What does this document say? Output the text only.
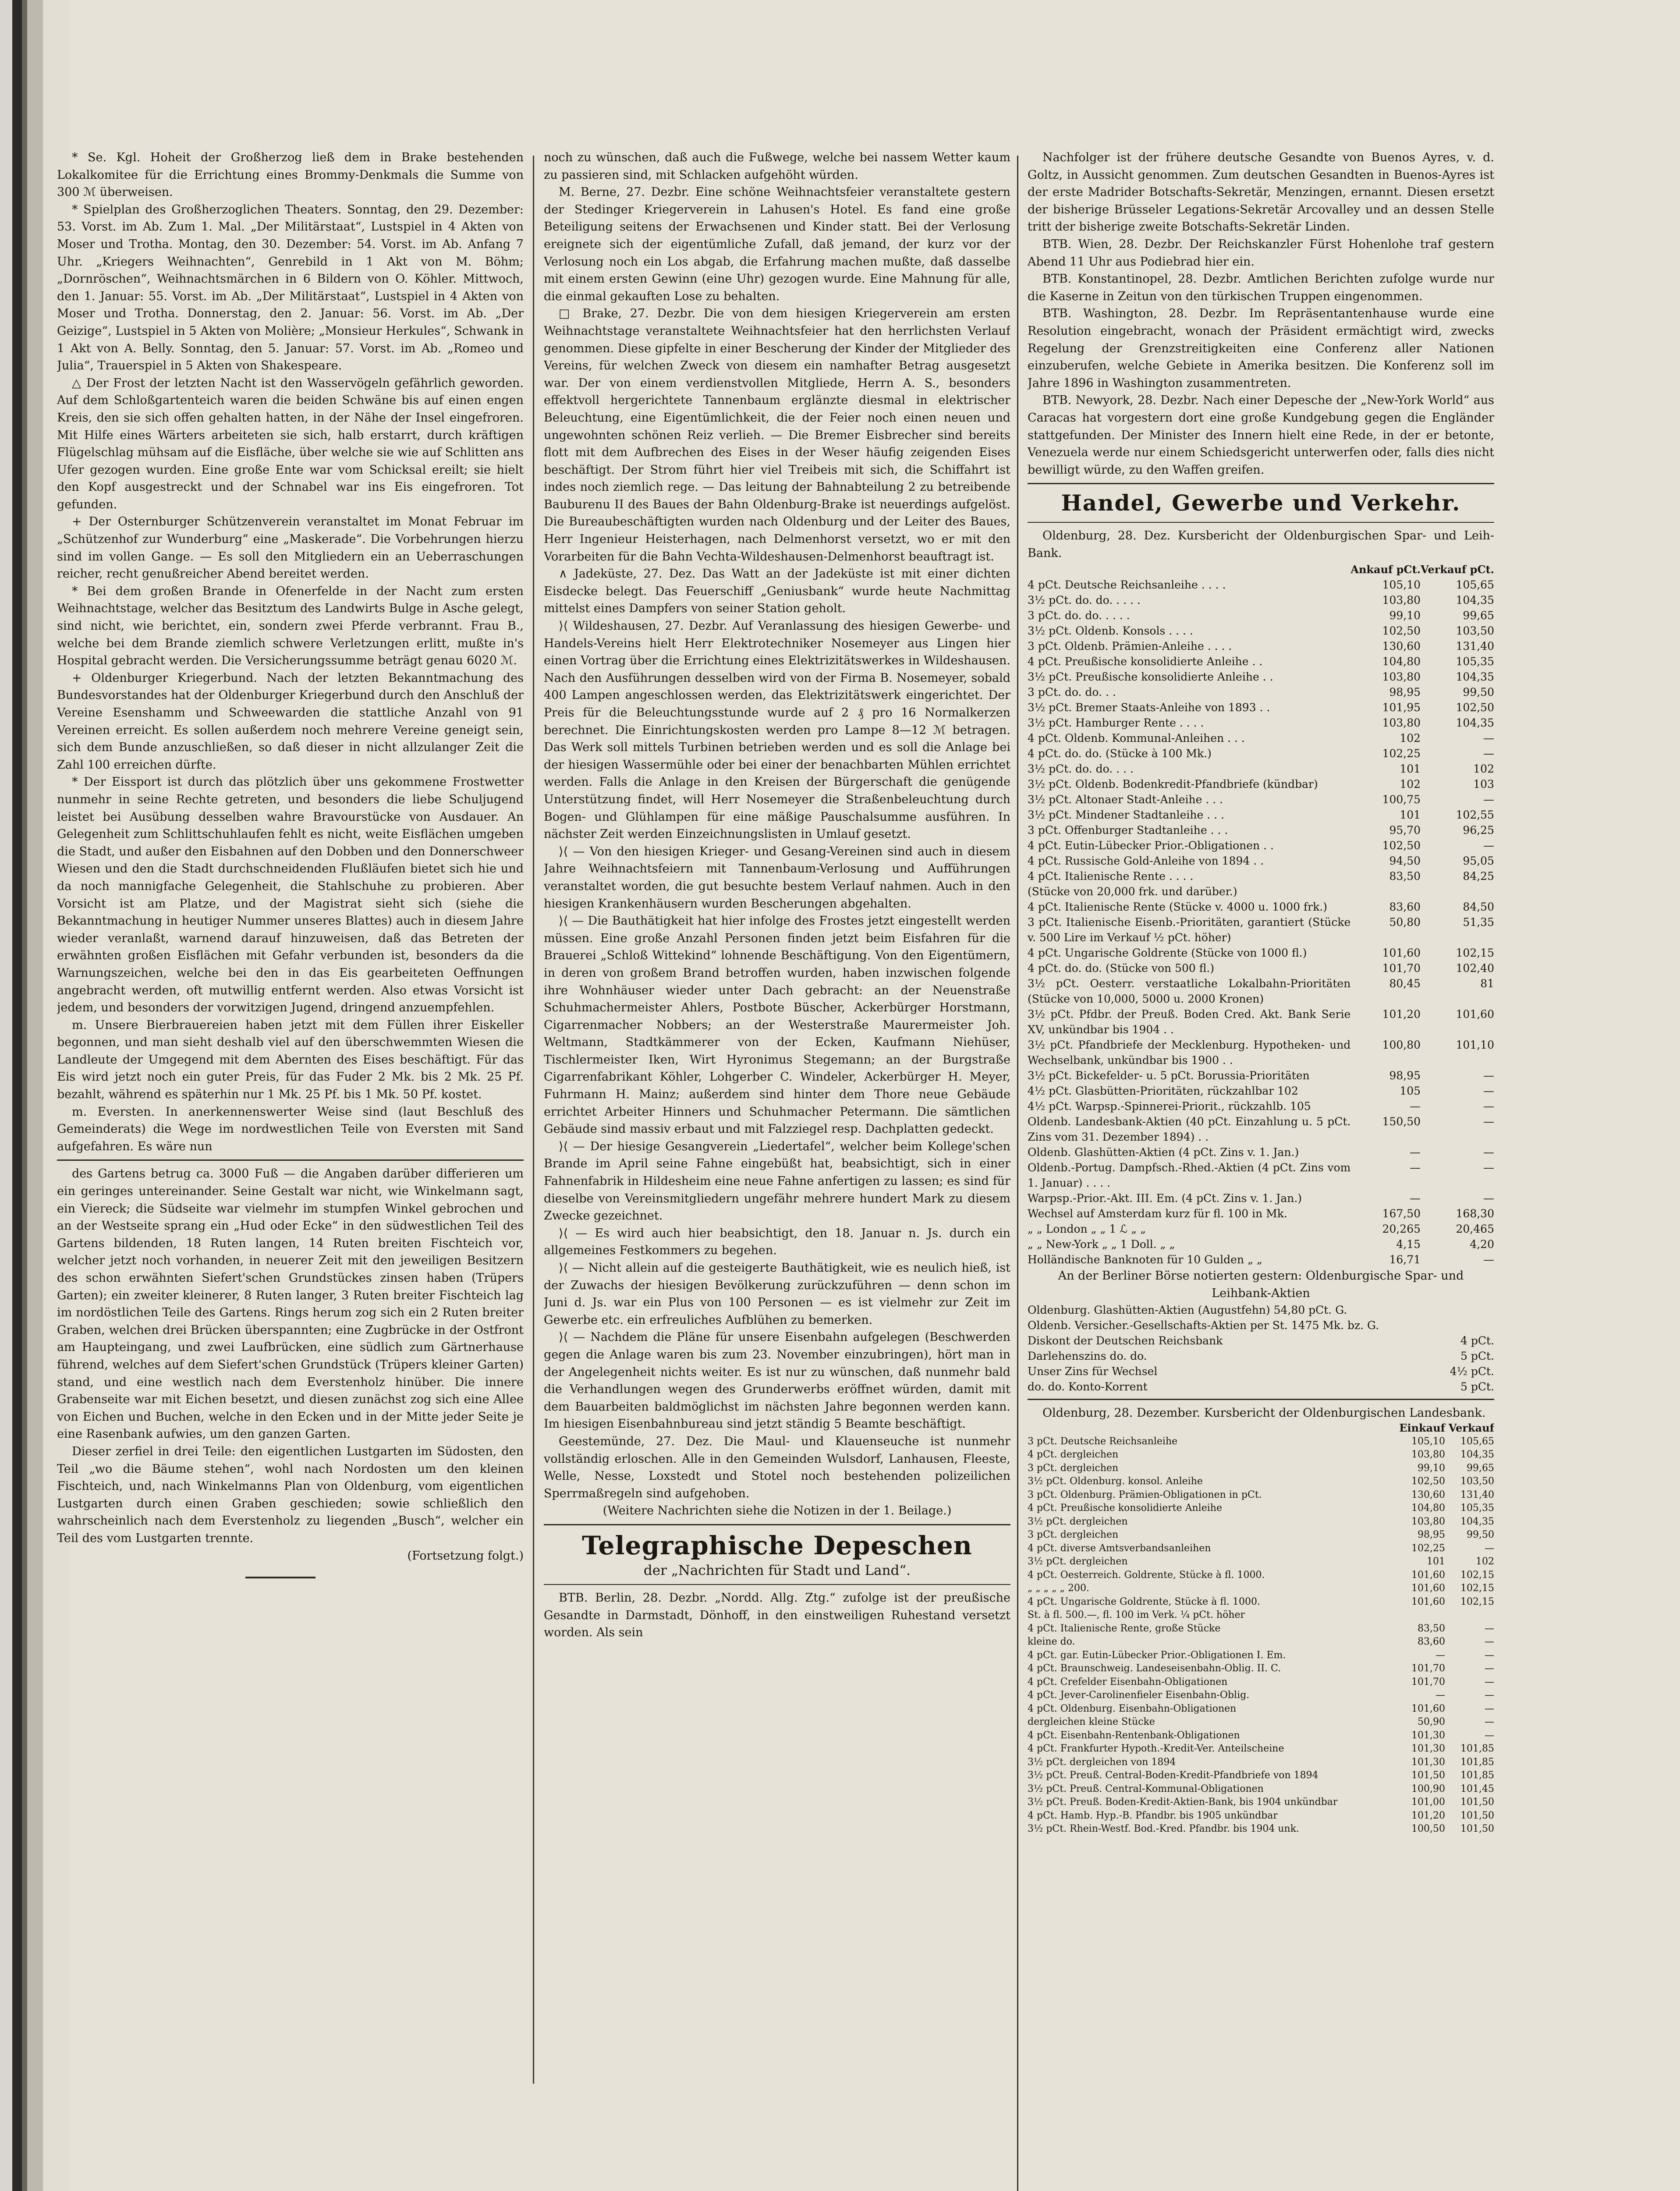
* Se. Kgl. Hoheit der Großherzog ließ dem in Brake bestehenden Lokalkomitee für die Errichtung eines Brommy-Denkmals die Summe von 300 ℳ überweisen.

* Spielplan des Großherzoglichen Theaters. Sonntag, den 29. Dezember: 53. Vorst. im Ab. Zum 1. Mal. „Der Militärstaat“, Lustspiel in 4 Akten von Moser und Trotha. Montag, den 30. Dezember: 54. Vorst. im Ab. Anfang 7 Uhr. „Kriegers Weihnachten“, Genrebild in 1 Akt von M. Böhm; „Dornröschen“, Weihnachtsmärchen in 6 Bildern von O. Köhler. Mittwoch, den 1. Januar: 55. Vorst. im Ab. „Der Militärstaat“, Lustspiel in 4 Akten von Moser und Trotha. Donnerstag, den 2. Januar: 56. Vorst. im Ab. „Der Geizige“, Lustspiel in 5 Akten von Molière; „Monsieur Herkules“, Schwank in 1 Akt von A. Belly. Sonntag, den 5. Januar: 57. Vorst. im Ab. „Romeo und Julia“, Trauerspiel in 5 Akten von Shakespeare.

△ Der Frost der letzten Nacht ist den Wasservögeln gefährlich geworden. Auf dem Schloßgartenteich waren die beiden Schwäne bis auf einen engen Kreis, den sie sich offen gehalten hatten, in der Nähe der Insel eingefroren. Mit Hilfe eines Wärters arbeiteten sie sich, halb erstarrt, durch kräftigen Flügelschlag mühsam auf die Eisfläche, über welche sie wie auf Schlitten ans Ufer gezogen wurden. Eine große Ente war vom Schicksal ereilt; sie hielt den Kopf ausgestreckt und der Schnabel war ins Eis eingefroren. Tot gefunden.

+ Der Osternburger Schützenverein veranstaltet im Monat Februar im „Schützenhof zur Wunderburg“ eine „Maskerade“. Die Vorbehrungen hierzu sind im vollen Gange. — Es soll den Mitgliedern ein an Ueberraschungen reicher, recht genußreicher Abend bereitet werden.

* Bei dem großen Brande in Ofenerfelde in der Nacht zum ersten Weihnachtstage, welcher das Besitztum des Landwirts Bulge in Asche gelegt, sind nicht, wie berichtet, ein, sondern zwei Pferde verbrannt. Frau B., welche bei dem Brande ziemlich schwere Verletzungen erlitt, mußte in's Hospital gebracht werden. Die Versicherungssumme beträgt genau 6020 ℳ.

+ Oldenburger Kriegerbund. Nach der letzten Bekanntmachung des Bundesvorstandes hat der Oldenburger Kriegerbund durch den Anschluß der Vereine Esenshamm und Schweewarden die stattliche Anzahl von 91 Vereinen erreicht. Es sollen außerdem noch mehrere Vereine geneigt sein, sich dem Bunde anzuschließen, so daß dieser in nicht allzulanger Zeit die Zahl 100 erreichen dürfte.

* Der Eissport ist durch das plötzlich über uns gekommene Frostwetter nunmehr in seine Rechte getreten, und besonders die liebe Schuljugend leistet bei Ausübung desselben wahre Bravourstücke von Ausdauer. An Gelegenheit zum Schlittschuhlaufen fehlt es nicht, weite Eisflächen umgeben die Stadt, und außer den Eisbahnen auf den Dobben und den Donnerschweer Wiesen und den die Stadt durchschneidenden Flußläufen bietet sich hie und da noch mannigfache Gelegenheit, die Stahlschuhe zu probieren. Aber Vorsicht ist am Platze, und der Magistrat sieht sich (siehe die Bekanntmachung in heutiger Nummer unseres Blattes) auch in diesem Jahre wieder veranlaßt, warnend darauf hinzuweisen, daß das Betreten der erwähnten großen Eisflächen mit Gefahr verbunden ist, besonders da die Warnungszeichen, welche bei den in das Eis gearbeiteten Oeffnungen angebracht werden, oft mutwillig entfernt werden. Also etwas Vorsicht ist jedem, und besonders der vorwitzigen Jugend, dringend anzuempfehlen.

m. Unsere Bierbrauereien haben jetzt mit dem Füllen ihrer Eiskeller begonnen, und man sieht deshalb viel auf den überschwemmten Wiesen die Landleute der Umgegend mit dem Abernten des Eises beschäftigt. Für das Eis wird jetzt noch ein guter Preis, für das Fuder 2 Mk. bis 2 Mk. 25 Pf. bezahlt, während es späterhin nur 1 Mk. 25 Pf. bis 1 Mk. 50 Pf. kostet.

m. Eversten. In anerkennenswerter Weise sind (laut Beschluß des Gemeinderats) die Wege im nordwestlichen Teile von Eversten mit Sand aufgefahren. Es wäre nun

des Gartens betrug ca. 3000 Fuß — die Angaben darüber differieren um ein geringes untereinander. Seine Gestalt war nicht, wie Winkelmann sagt, ein Viereck; die Südseite war vielmehr im stumpfen Winkel gebrochen und an der Westseite sprang ein „Hud oder Ecke“ in den südwestlichen Teil des Gartens bildenden, 18 Ruten langen, 14 Ruten breiten Fischteich vor, welcher jetzt noch vorhanden, in neuerer Zeit mit den jeweiligen Besitzern des schon erwähnten Siefert'schen Grundstückes zinsen haben (Trüpers Garten); ein zweiter kleinerer, 8 Ruten langer, 3 Ruten breiter Fischteich lag im nordöstlichen Teile des Gartens. Rings herum zog sich ein 2 Ruten breiter Graben, welchen drei Brücken überspannten; eine Zugbrücke in der Ostfront am Haupteingang, und zwei Laufbrücken, eine südlich zum Gärtnerhause führend, welches auf dem Siefert'schen Grundstück (Trüpers kleiner Garten) stand, und eine westlich nach dem Everstenholz hinüber. Die innere Grabenseite war mit Eichen besetzt, und diesen zunächst zog sich eine Allee von Eichen und Buchen, welche in den Ecken und in der Mitte jeder Seite je eine Rasenbank aufwies, um den ganzen Garten.

Dieser zerfiel in drei Teile: den eigentlichen Lustgarten im Südosten, den Teil „wo die Bäume stehen“, wohl nach Nordosten um den kleinen Fischteich, und, nach Winkelmanns Plan von Oldenburg, vom eigentlichen Lustgarten durch einen Graben geschieden; sowie schließlich den wahrscheinlich nach dem Everstenholz zu liegenden „Busch“, welcher ein Teil des vom Lustgarten trennte.

(Fortsetzung folgt.)

noch zu wünschen, daß auch die Fußwege, welche bei nassem Wetter kaum zu passieren sind, mit Schlacken aufgehöht würden.

M. Berne, 27. Dezbr. Eine schöne Weihnachtsfeier veranstaltete gestern der Stedinger Kriegerverein in Lahusen's Hotel. Es fand eine große Beteiligung seitens der Erwachsenen und Kinder statt. Bei der Verlosung ereignete sich der eigentümliche Zufall, daß jemand, der kurz vor der Verlosung noch ein Los abgab, die Erfahrung machen mußte, daß dasselbe mit einem ersten Gewinn (eine Uhr) gezogen wurde. Eine Mahnung für alle, die einmal gekauften Lose zu behalten.

□ Brake, 27. Dezbr. Die von dem hiesigen Kriegerverein am ersten Weihnachtstage veranstaltete Weihnachtsfeier hat den herrlichsten Verlauf genommen. Diese gipfelte in einer Bescherung der Kinder der Mitglieder des Vereins, für welchen Zweck von diesem ein namhafter Betrag ausgesetzt war. Der von einem verdienstvollen Mitgliede, Herrn A. S., besonders effektvoll hergerichtete Tannenbaum erglänzte diesmal in elektrischer Beleuchtung, eine Eigentümlichkeit, die der Feier noch einen neuen und ungewohnten schönen Reiz verlieh. — Die Bremer Eisbrecher sind bereits flott mit dem Aufbrechen des Eises in der Weser häufig zeigenden Eises beschäftigt. Der Strom führt hier viel Treibeis mit sich, die Schiffahrt ist indes noch ziemlich rege. — Das leitung der Bahnabteilung 2 zu betreibende Bauburenu II des Baues der Bahn Oldenburg-Brake ist neuerdings aufgelöst. Die Bureaubeschäftigten wurden nach Oldenburg und der Leiter des Baues, Herr Ingenieur Heisterhagen, nach Delmenhorst versetzt, wo er mit den Vorarbeiten für die Bahn Vechta-Wildeshausen-Delmenhorst beauftragt ist.

∧ Jadeküste, 27. Dez. Das Watt an der Jadeküste ist mit einer dichten Eisdecke belegt. Das Feuerschiff „Geniusbank“ wurde heute Nachmittag mittelst eines Dampfers von seiner Station geholt.

⟩⟨ Wildeshausen, 27. Dezbr. Auf Veranlassung des hiesigen Gewerbe- und Handels-Vereins hielt Herr Elektrotechniker Nosemeyer aus Lingen hier einen Vortrag über die Errichtung eines Elektrizitätswerkes in Wildeshausen. Nach den Ausführungen desselben wird von der Firma B. Nosemeyer, sobald 400 Lampen angeschlossen werden, das Elektrizitätswerk eingerichtet. Der Preis für die Beleuchtungsstunde wurde auf 2 ₰ pro 16 Normalkerzen berechnet. Die Einrichtungskosten werden pro Lampe 8—12 ℳ betragen. Das Werk soll mittels Turbinen betrieben werden und es soll die Anlage bei der hiesigen Wassermühle oder bei einer der benachbarten Mühlen errichtet werden. Falls die Anlage in den Kreisen der Bürgerschaft die genügende Unterstützung findet, will Herr Nosemeyer die Straßenbeleuchtung durch Bogen- und Glühlampen für eine mäßige Pauschalsumme ausführen. In nächster Zeit werden Einzeichnungslisten in Umlauf gesetzt.

⟩⟨ — Von den hiesigen Krieger- und Gesang-Vereinen sind auch in diesem Jahre Weihnachtsfeiern mit Tannenbaum-Verlosung und Aufführungen veranstaltet worden, die gut besuchte bestem Verlauf nahmen. Auch in den hiesigen Krankenhäusern wurden Bescherungen abgehalten.

⟩⟨ — Die Bauthätigkeit hat hier infolge des Frostes jetzt eingestellt werden müssen. Eine große Anzahl Personen finden jetzt beim Eisfahren für die Brauerei „Schloß Wittekind“ lohnende Beschäftigung. Von den Eigentümern, in deren von großem Brand betroffen wurden, haben inzwischen folgende ihre Wohnhäuser wieder unter Dach gebracht: an der Neuenstraße Schuhmachermeister Ahlers, Postbote Büscher, Ackerbürger Horstmann, Cigarrenmacher Nobbers; an der Westerstraße Maurermeister Joh. Weltmann, Stadtkämmerer von der Ecken, Kaufmann Niehüser, Tischlermeister Iken, Wirt Hyronimus Stegemann; an der Burgstraße Cigarrenfabrikant Köhler, Lohgerber C. Windeler, Ackerbürger H. Meyer, Fuhrmann H. Mainz; außerdem sind hinter dem Thore neue Gebäude errichtet Arbeiter Hinners und Schuhmacher Petermann. Die sämtlichen Gebäude sind massiv erbaut und mit Falzziegel resp. Dachplatten gedeckt.

⟩⟨ — Der hiesige Gesangverein „Liedertafel“, welcher beim Kollege'schen Brande im April seine Fahne eingebüßt hat, beabsichtigt, sich in einer Fahnenfabrik in Hildesheim eine neue Fahne anfertigen zu lassen; es sind für dieselbe von Vereinsmitgliedern ungefähr mehrere hundert Mark zu diesem Zwecke gezeichnet.

⟩⟨ — Es wird auch hier beabsichtigt, den 18. Januar n. Js. durch ein allgemeines Festkommers zu begehen.

⟩⟨ — Nicht allein auf die gesteigerte Bauthätigkeit, wie es neulich hieß, ist der Zuwachs der hiesigen Bevölkerung zurückzuführen — denn schon im Juni d. Js. war ein Plus von 100 Personen — es ist vielmehr zur Zeit im Gewerbe etc. ein erfreuliches Aufblühen zu bemerken.

⟩⟨ — Nachdem die Pläne für unsere Eisenbahn aufgelegen (Beschwerden gegen die Anlage waren bis zum 23. November einzubringen), hört man in der Angelegenheit nichts weiter. Es ist nur zu wünschen, daß nunmehr bald die Verhandlungen wegen des Grunderwerbs eröffnet würden, damit mit dem Bauarbeiten baldmöglichst im nächsten Jahre begonnen werden kann. Im hiesigen Eisenbahnbureau sind jetzt ständig 5 Beamte beschäftigt.

Geestemünde, 27. Dez. Die Maul- und Klauenseuche ist nunmehr vollständig erloschen. Alle in den Gemeinden Wulsdorf, Lanhausen, Fleeste, Welle, Nesse, Loxstedt und Stotel noch bestehenden polizeilichen Sperrmaßregeln sind aufgehoben.

(Weitere Nachrichten siehe die Notizen in der 1. Beilage.)

Telegraphische Depeschen
der „Nachrichten für Stadt und Land“.

BTB. Berlin, 28. Dezbr. „Nordd. Allg. Ztg.“ zufolge ist der preußische Gesandte in Darmstadt, Dönhoff, in den einstweiligen Ruhestand versetzt worden. Als sein

Nachfolger ist der frühere deutsche Gesandte von Buenos Ayres, v. d. Goltz, in Aussicht genommen. Zum deutschen Gesandten in Buenos-Ayres ist der erste Madrider Botschafts-Sekretär, Menzingen, ernannt. Diesen ersetzt der bisherige Brüsseler Legations-Sekretär Arcovalley und an dessen Stelle tritt der bisherige zweite Botschafts-Sekretär Linden.

BTB. Wien, 28. Dezbr. Der Reichskanzler Fürst Hohenlohe traf gestern Abend 11 Uhr aus Podiebrad hier ein.

BTB. Konstantinopel, 28. Dezbr. Amtlichen Berichten zufolge wurde nur die Kaserne in Zeitun von den türkischen Truppen eingenommen.

BTB. Washington, 28. Dezbr. Im Repräsentantenhause wurde eine Resolution eingebracht, wonach der Präsident ermächtigt wird, zwecks Regelung der Grenzstreitigkeiten eine Conferenz aller Nationen einzuberufen, welche Gebiete in Amerika besitzen. Die Konferenz soll im Jahre 1896 in Washington zusammentreten.

BTB. Newyork, 28. Dezbr. Nach einer Depesche der „New-York World“ aus Caracas hat vorgestern dort eine große Kundgebung gegen die Engländer stattgefunden. Der Minister des Innern hielt eine Rede, in der er betonte, Venezuela werde nur einem Schiedsgericht unterwerfen oder, falls dies nicht bewilligt würde, zu den Waffen greifen.

Handel, Gewerbe und Verkehr.

Oldenburg, 28. Dez. Kursbericht der Oldenburgischen Spar- und Leih-Bank.

	Ankauf pCt.	Verkauf pCt.
4 pCt. Deutsche Reichsanleihe . . . .	105,10	105,65
3½ pCt. do. do. . . . .	103,80	104,35
3 pCt. do. do. . . . .	99,10	99,65
3½ pCt. Oldenb. Konsols . . . .	102,50	103,50
3 pCt. Oldenb. Prämien-Anleihe . . . .	130,60	131,40
4 pCt. Preußische konsolidierte Anleihe . .	104,80	105,35
3½ pCt. Preußische konsolidierte Anleihe . .	103,80	104,35
3 pCt. do. do. . .	98,95	99,50
3½ pCt. Bremer Staats-Anleihe von 1893 . .	101,95	102,50
3½ pCt. Hamburger Rente . . . .	103,80	104,35
4 pCt. Oldenb. Kommunal-Anleihen . . .	102	—
4 pCt. do. do. (Stücke à 100 Mk.)	102,25	—
3½ pCt. do. do. . . .	101	102
3½ pCt. Oldenb. Bodenkredit-Pfandbriefe (kündbar)	102	103
3½ pCt. Altonaer Stadt-Anleihe . . .	100,75	—
3½ pCt. Mindener Stadtanleihe . . .	101	102,55
3 pCt. Offenburger Stadtanleihe . . .	95,70	96,25
4 pCt. Eutin-Lübecker Prior.-Obligationen . .	102,50	—
4 pCt. Russische Gold-Anleihe von 1894 . .	94,50	95,05
4 pCt. Italienische Rente . . . .	83,50	84,25
(Stücke von 20,000 frk. und darüber.)		
4 pCt. Italienische Rente (Stücke v. 4000 u. 1000 frk.)	83,60	84,50
3 pCt. Italienische Eisenb.-Prioritäten, garantiert (Stücke v. 500 Lire im Verkauf ½ pCt. höher)	50,80	51,35
4 pCt. Ungarische Goldrente (Stücke von 1000 fl.)	101,60	102,15
4 pCt. do. do. (Stücke von 500 fl.)	101,70	102,40
3½ pCt. Oesterr. verstaatliche Lokalbahn-Prioritäten (Stücke von 10,000, 5000 u. 2000 Kronen)	80,45	81
3½ pCt. Pfdbr. der Preuß. Boden Cred. Akt. Bank Serie XV, unkündbar bis 1904 . .	101,20	101,60
3½ pCt. Pfandbriefe der Mecklenburg. Hypotheken- und Wechselbank, unkündbar bis 1900 . .	100,80	101,10
3½ pCt. Bickefelder- u. 5 pCt. Borussia-Prioritäten	98,95	—
4½ pCt. Glasbütten-Prioritäten, rückzahlbar 102	105	—
4½ pCt. Warpsp.-Spinnerei-Priorit., rückzahlb. 105	—	—
Oldenb. Landesbank-Aktien (40 pCt. Einzahlung u. 5 pCt. Zins vom 31. Dezember 1894) . .	150,50	—
Oldenb. Glashütten-Aktien (4 pCt. Zins v. 1. Jan.)	—	—
Oldenb.-Portug. Dampfsch.-Rhed.-Aktien (4 pCt. Zins vom 1. Januar) . . . .	—	—
Warpsp.-Prior.-Akt. III. Em. (4 pCt. Zins v. 1. Jan.)	—	—
Wechsel auf Amsterdam kurz für fl. 100 in Mk.	167,50	168,30
„ „ London „ „ 1 ℒ „ „	20,265	20,465
„ „ New-York „ „ 1 Doll. „ „	4,15	4,20
Holländische Banknoten für 10 Gulden „ „	16,71	—

An der Berliner Börse notierten gestern: Oldenburgische Spar- und Leihbank-Aktien

Oldenburg. Glashütten-Aktien (Augustfehn) 54,80 pCt. G.	
Oldenb. Versicher.-Gesellschafts-Aktien per St. 1475 Mk. bz. G.	
Diskont der Deutschen Reichsbank	4 pCt.
Darlehenszins do. do.	5 pCt.
Unser Zins für Wechsel	4½ pCt.
do. do. Konto-Korrent	5 pCt.

Oldenburg, 28. Dezember. Kursbericht der Oldenburgischen Landesbank.

	Einkauf	Verkauf
3 pCt. Deutsche Reichsanleihe	105,10	105,65
4 pCt. dergleichen	103,80	104,35
3 pCt. dergleichen	99,10	99,65
3½ pCt. Oldenburg. konsol. Anleihe	102,50	103,50
3 pCt. Oldenburg. Prämien-Obligationen in pCt.	130,60	131,40
4 pCt. Preußische konsolidierte Anleihe	104,80	105,35
3½ pCt. dergleichen	103,80	104,35
3 pCt. dergleichen	98,95	99,50
4 pCt. diverse Amtsverbandsanleihen	102,25	—
3½ pCt. dergleichen	101	102
4 pCt. Oesterreich. Goldrente, Stücke à fl. 1000.	101,60	102,15
„ „ „ „ „ 200.	101,60	102,15
4 pCt. Ungarische Goldrente, Stücke à fl. 1000.	101,60	102,15
St. à fl. 500.—, fl. 100 im Verk. ¼ pCt. höher		
4 pCt. Italienische Rente, große Stücke	83,50	—
kleine do.	83,60	—
4 pCt. gar. Eutin-Lübecker Prior.-Obligationen I. Em.	—	—
4 pCt. Braunschweig. Landeseisenbahn-Oblig. II. C.	101,70	—
4 pCt. Crefelder Eisenbahn-Obligationen	101,70	—
4 pCt. Jever-Carolinenfieler Eisenbahn-Oblig.	—	—
4 pCt. Oldenburg. Eisenbahn-Obligationen	101,60	—
dergleichen kleine Stücke	50,90	—
4 pCt. Eisenbahn-Rentenbank-Obligationen	101,30	—
4 pCt. Frankfurter Hypoth.-Kredit-Ver. Anteilscheine	101,30	101,85
3½ pCt. dergleichen von 1894	101,30	101,85
3½ pCt. Preuß. Central-Boden-Kredit-Pfandbriefe von 1894	101,50	101,85
3½ pCt. Preuß. Central-Kommunal-Obligationen	100,90	101,45
3½ pCt. Preuß. Boden-Kredit-Aktien-Bank, bis 1904 unkündbar	101,00	101,50
4 pCt. Hamb. Hyp.-B. Pfandbr. bis 1905 unkündbar	101,20	101,50
3½ pCt. Rhein-Westf. Bod.-Kred. Pfandbr. bis 1904 unk.	100,50	101,50
